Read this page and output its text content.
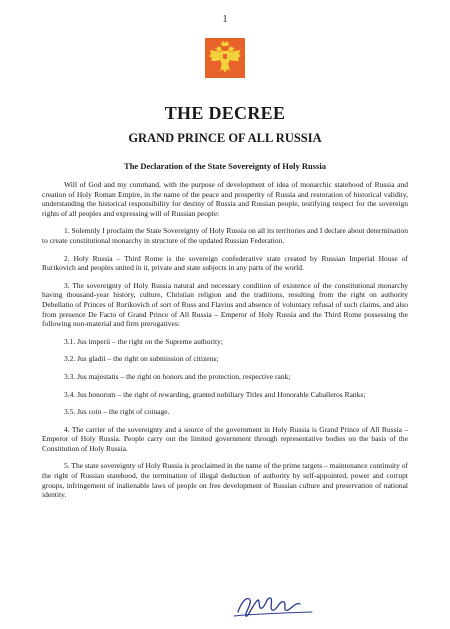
1
THE DECREE
GRAND PRINCE OF ALL RUSSIA
The Declaration of the State Sovereignty of Holy Russia

Will of God and my command, with the purpose of development of idea of monarchic statehood of Russia and creation of Holy Roman Empire, in the name of the peace and prosperity of Russia and restoration of historical validity, understanding the historical responsibility for destiny of Russia and Russian people, testifying respect for the sovereign rights of all peoples and expressing will of Russian people:

1. Solemnly I proclaim the State Sovereignty of Holy Russia on all its territories and I declare about determination to create constitutional monarchy in structure of the updated Russian Federation.

2. Holy Russia – Third Rome is the sovereign confederative state created by Russian Imperial House of Rurikovich and peoples united in it, private and state subjects in any parts of the world.

3. The sovereignty of Holy Russia natural and necessary condition of existence of the constitutional monarchy having thousand-year history, culture, Christian religion and the traditions, resulting from the right on authority Debellatio of Princes of Rurikovich of sort of Russ and Flavius and absence of voluntary refusal of such claims, and also from presence De Facto of Grand Prince of All Russia – Emperor of Holy Russia and the Third Rome possessing the following non-material and firm prerogatives:

3.1. Jus imperii – the right on the Supreme authority;

3.2. Jus gladii – the right on submission of citizens;

3.3. Jus majestatis – the right on honors and the protection, respective rank;

3.4. Jus honorum – the right of rewarding, granted nobiliary Titles and Honorable Caballeros Ranks;

3.5. Jus coin – the right of coinage.

4. The carrier of the sovereignty and a source of the government in Holy Russia is Grand Prince of All Russia – Emperor of Holy Russia. People carry out the limited government through representative bodies on the basis of the Constitution of Holy Russia.

5. The state sovereignty of Holy Russia is proclaimed in the name of the prime targets – maintenance continuity of the right of Russian statehood, the termination of illegal deduction of authority by self-appointed, power and corrupt groups, infringement of inalienable laws of people on free development of Russian culture and preservation of national identity.
